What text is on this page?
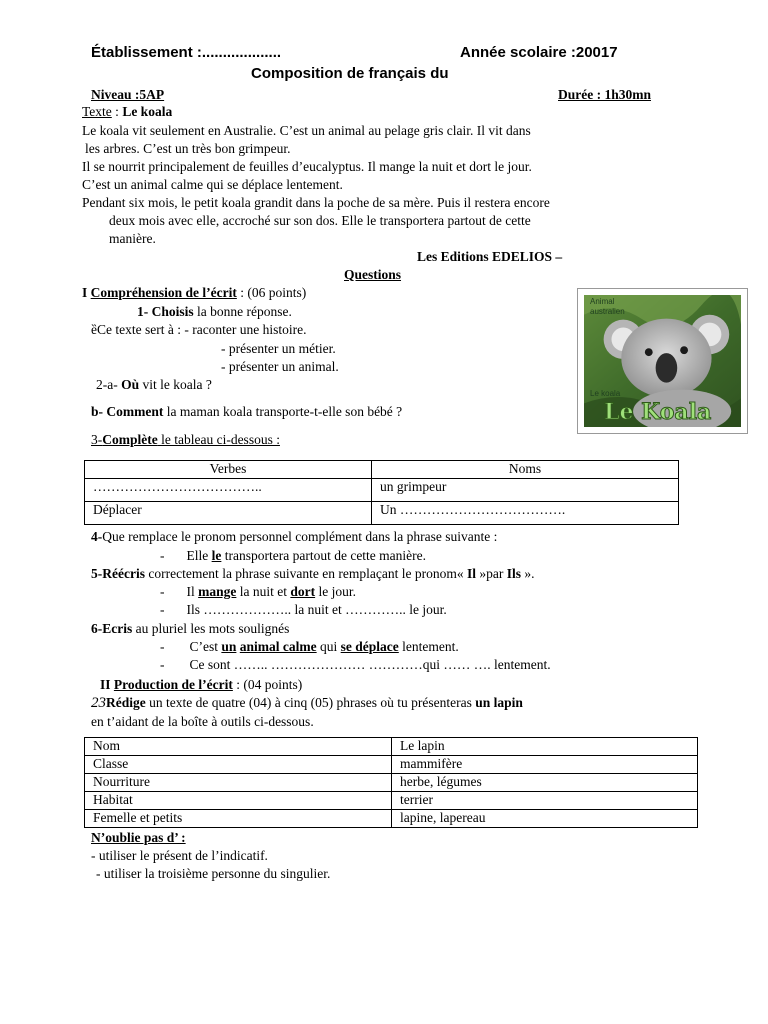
Établissement :...................	Année scolaire :20017
Composition de français du
Niveau :5AP	Durée : 1h30mn
Texte : Le koala
Le koala vit seulement en Australie. C’est un animal au pelage gris clair. Il vit dans
les arbres. C’est un très bon grimpeur.
Il se nourrit principalement de feuilles d’eucalyptus. Il mange la nuit et dort le jour.
C’est un animal calme qui se déplace lentement.
Pendant six mois, le petit koala grandit dans la poche de sa mère. Puis il restera encore
deux mois avec elle, accroché sur son dos. Elle le transportera partout de cette
manière.
Les Editions EDELIOS –
Questions
I Compréhension de l’écrit : (06 points)
1- Choisis la bonne réponse.
ȅCe texte sert à : - raconter une histoire.
- présenter un métier.
- présenter un animal.
2-a- Où vit le koala ?
b- Comment la maman koala transporte-t-elle son bébé ?
3-Complète le tableau ci-dessous :
Verbes	Noms
………………………………..	un grimpeur
Déplacer	Un ……………………………….
4-Que remplace le pronom personnel complément dans la phrase suivante :
- Elle le transportera partout de cette manière.
5-Réécris correctement la phrase suivante en remplaçant le pronom« Il »par Ils ».
- Il mange la nuit et dort le jour.
- Ils ……………….. la nuit et ………….. le jour.
6-Ecris au pluriel les mots soulignés
- C’est un animal calme qui se déplace lentement.
- Ce sont …….. ………………… …………qui …… …. lentement.
Animal
australien
Le koala
Le Koala
II Production de l’écrit : (04 points)
23Rédige un texte de quatre (04) à cinq (05) phrases où tu présenteras un lapin
en t’aidant de la boîte à outils ci-dessous.
Nom	Le lapin
Classe	mammifère
Nourriture	herbe, légumes
Habitat	terrier
Femelle et petits	lapine, lapereau
N’oublie pas d’ :
- utiliser le présent de l’indicatif.
- utiliser la troisième personne du singulier.
